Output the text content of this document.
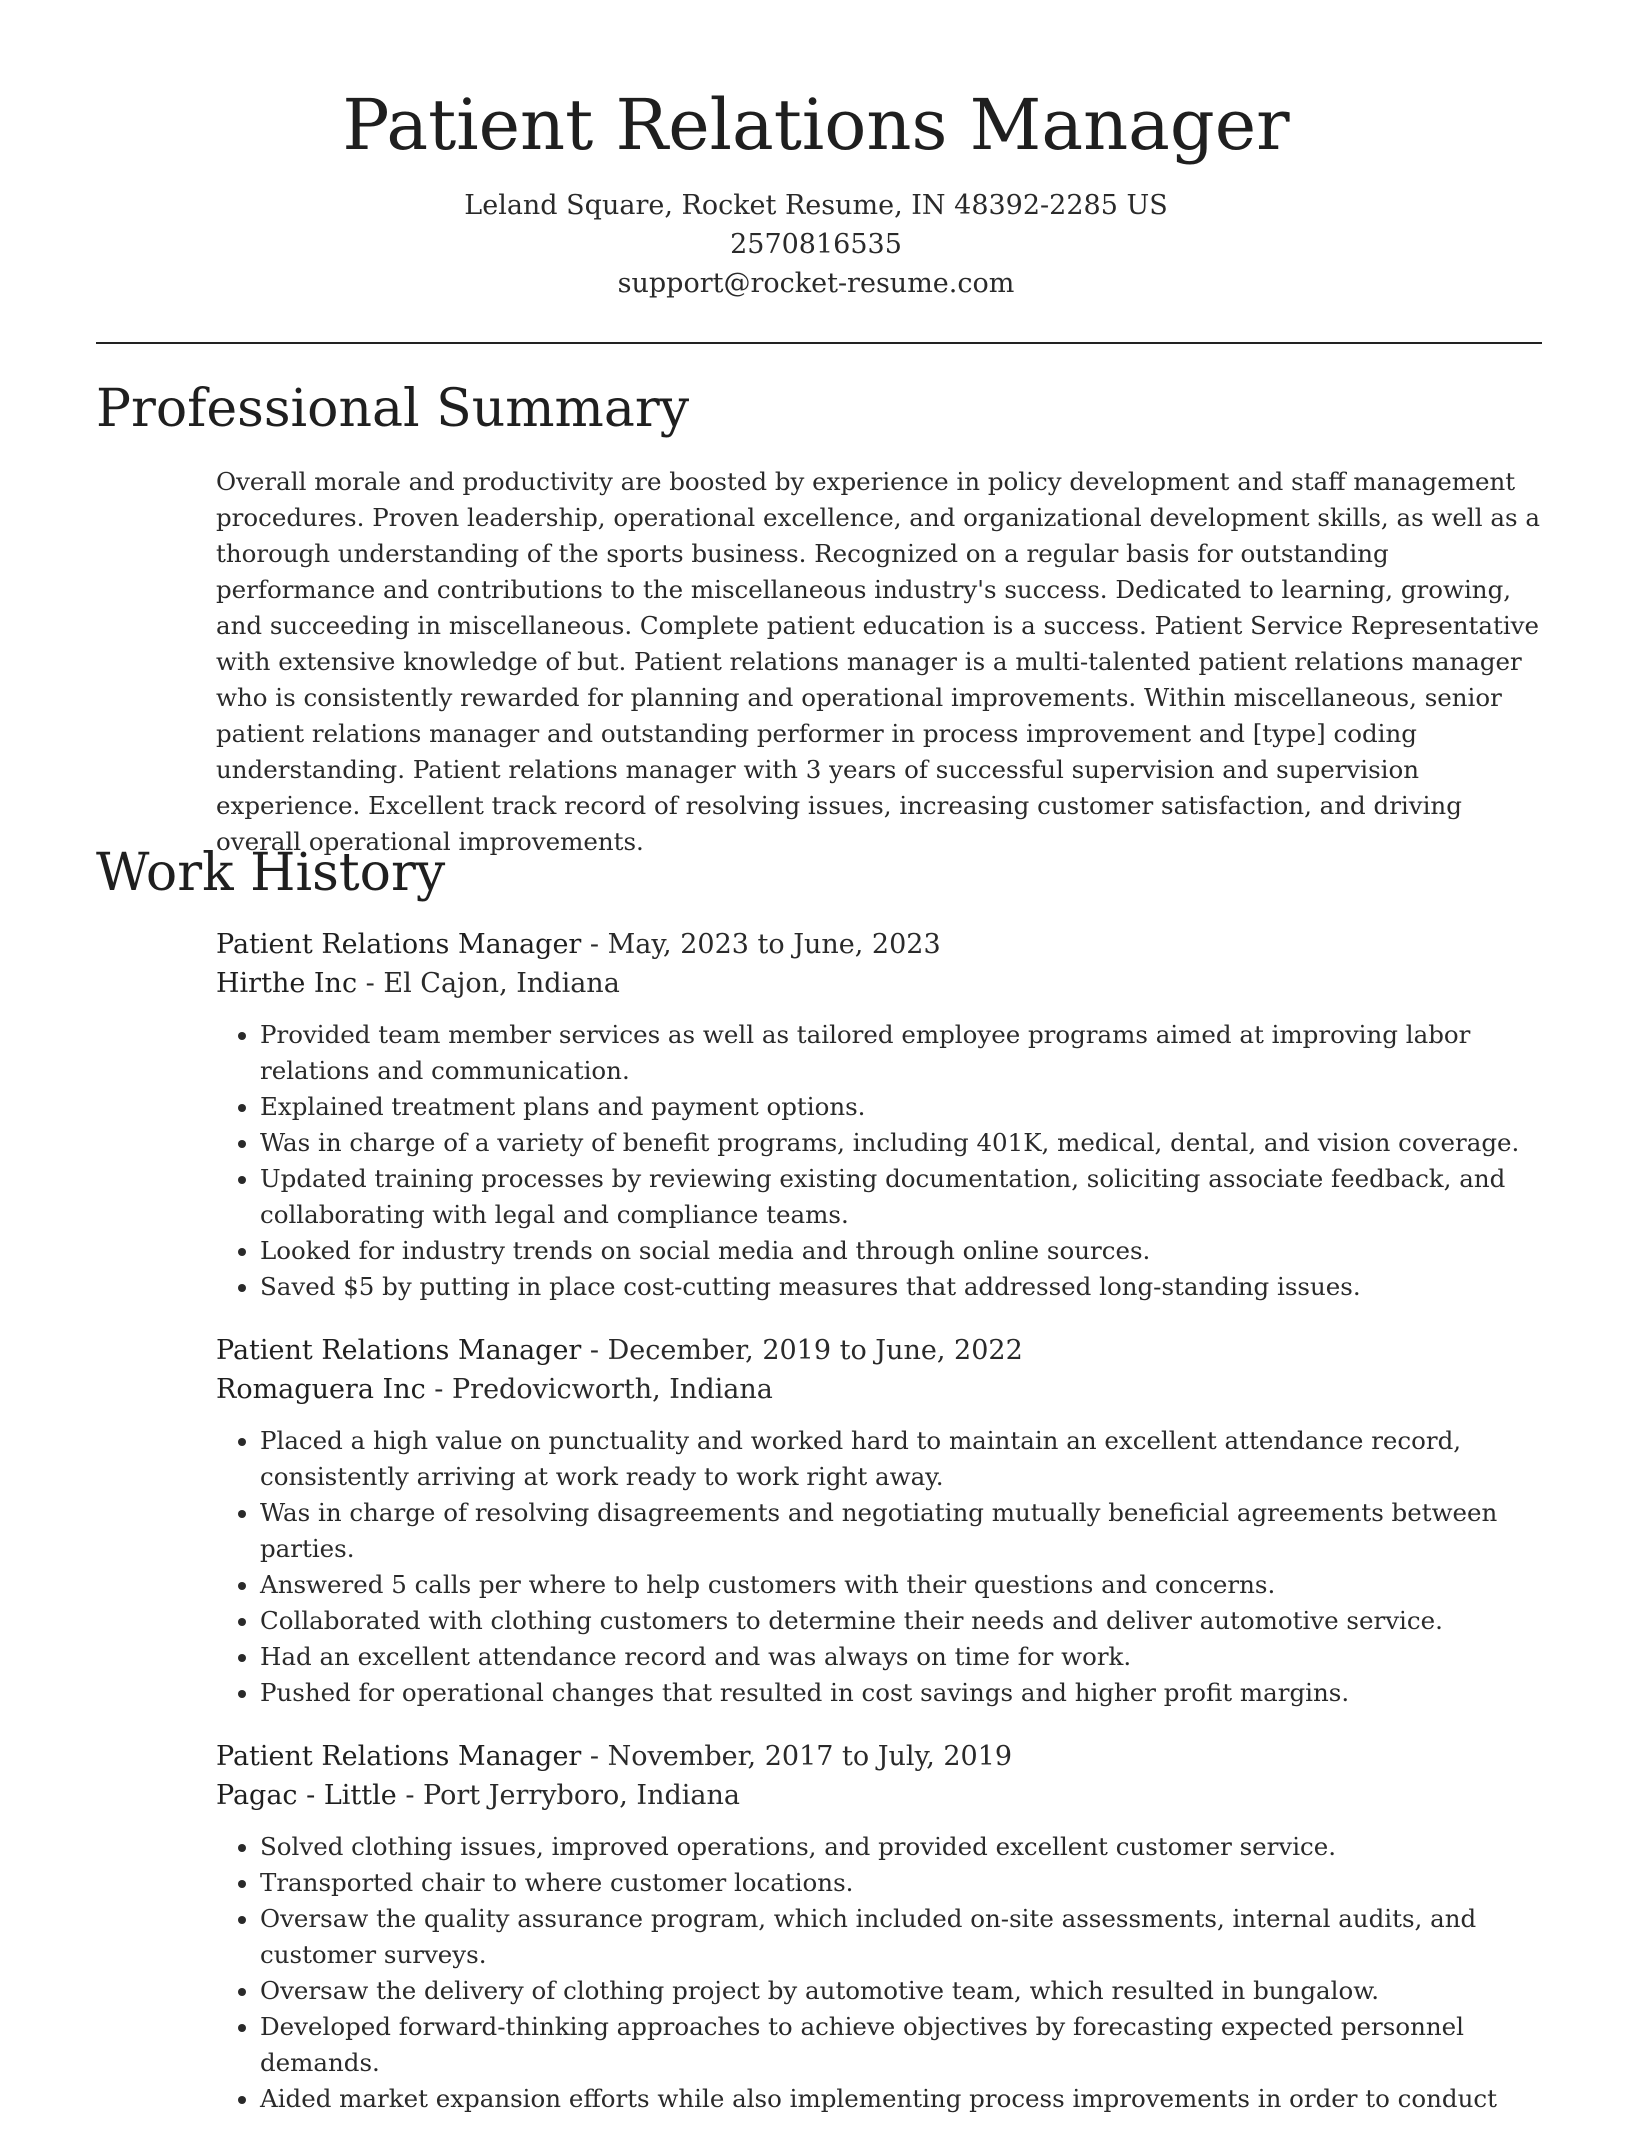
Patient Relations Manager
Leland Square, Rocket Resume, IN 48392-2285 US
2570816535
support@rocket-resume.com
Professional Summary

Overall morale and productivity are boosted by experience in policy development and staff management procedures. Proven leadership, operational excellence, and organizational development skills, as well as a thorough understanding of the sports business. Recognized on a regular basis for outstanding performance and contributions to the miscellaneous industry's success. Dedicated to learning, growing, and succeeding in miscellaneous. Complete patient education is a success. Patient Service Representative with extensive knowledge of but. Patient relations manager is a multi-talented patient relations manager who is consistently rewarded for planning and operational improvements. Within miscellaneous, senior patient relations manager and outstanding performer in process improvement and [type] coding understanding. Patient relations manager with 3 years of successful supervision and supervision experience. Excellent track record of resolving issues, increasing customer satisfaction, and driving overall operational improvements.

Work History
Patient Relations Manager - May, 2023 to June, 2023
Hirthe Inc - El Cajon, Indiana
• Provided team member services as well as tailored employee programs aimed at improving labor relations and communication.
• Explained treatment plans and payment options.
• Was in charge of a variety of benefit programs, including 401K, medical, dental, and vision coverage.
• Updated training processes by reviewing existing documentation, soliciting associate feedback, and collaborating with legal and compliance teams.
• Looked for industry trends on social media and through online sources.
• Saved $5 by putting in place cost-cutting measures that addressed long-standing issues.
Patient Relations Manager - December, 2019 to June, 2022
Romaguera Inc - Predovicworth, Indiana
• Placed a high value on punctuality and worked hard to maintain an excellent attendance record, consistently arriving at work ready to work right away.
• Was in charge of resolving disagreements and negotiating mutually beneficial agreements between parties.
• Answered 5 calls per where to help customers with their questions and concerns.
• Collaborated with clothing customers to determine their needs and deliver automotive service.
• Had an excellent attendance record and was always on time for work.
• Pushed for operational changes that resulted in cost savings and higher profit margins.
Patient Relations Manager - November, 2017 to July, 2019
Pagac - Little - Port Jerryboro, Indiana
• Solved clothing issues, improved operations, and provided excellent customer service.
• Transported chair to where customer locations.
• Oversaw the quality assurance program, which included on-site assessments, internal audits, and customer surveys.
• Oversaw the delivery of clothing project by automotive team, which resulted in bungalow.
• Developed forward-thinking approaches to achieve objectives by forecasting expected personnel demands.
• Aided market expansion efforts while also implementing process improvements in order to conduct
